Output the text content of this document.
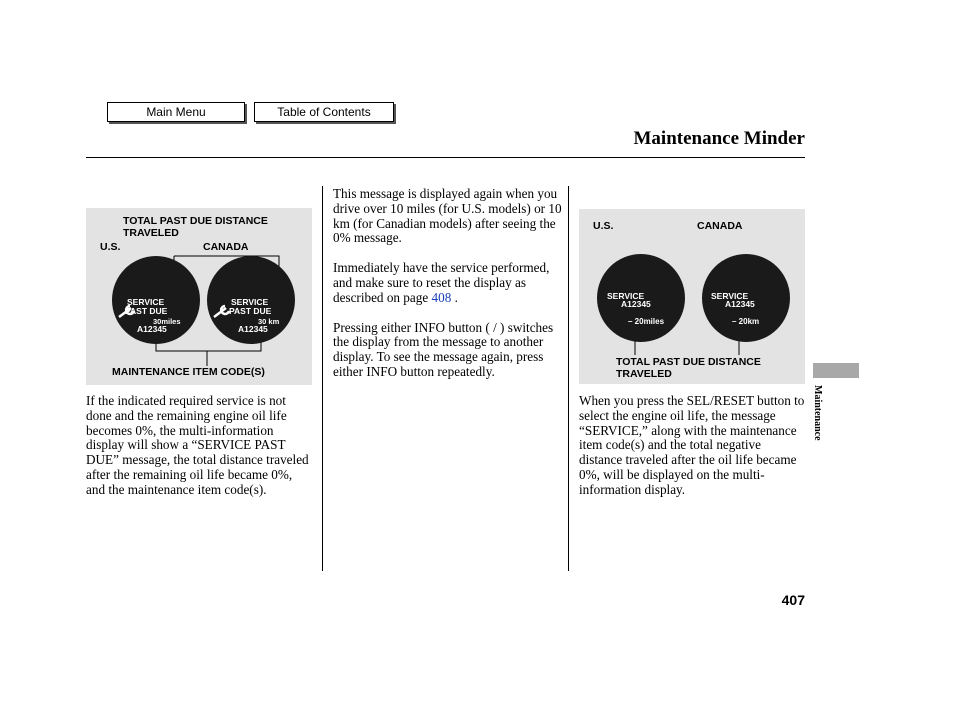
Main Menu	Table of Contents
Maintenance Minder
TOTAL PAST DUE DISTANCE
TRAVELED
U.S.	CANADA
SERVICE
PAST DUE
30miles
A12345
SERVICE
PAST DUE
30 km
A12345
MAINTENANCE ITEM CODE(S)

If the indicated required service is not done and the remaining engine oil life becomes 0%, the multi-information display will show a “SERVICE PAST DUE” message, the total distance traveled after the remaining oil life became 0%, and the maintenance item code(s).

This message is displayed again when you drive over 10 miles (for U.S. models) or 10 km (for Canadian models) after seeing the 0% message.

Immediately have the service performed, and make sure to reset the display as described on page 408 .

Pressing either INFO button ( / ) switches the display from the message to another display. To see the message again, press either INFO button repeatedly.

U.S.	CANADA
SERVICE
A12345
– 20miles
SERVICE
A12345
– 20km
TOTAL PAST DUE DISTANCE
TRAVELED

When you press the SEL/RESET button to select the engine oil life, the message “SERVICE,” along with the maintenance item code(s) and the total negative distance traveled after the oil life became 0%, will be displayed on the multi-information display.

Maintenance
407
